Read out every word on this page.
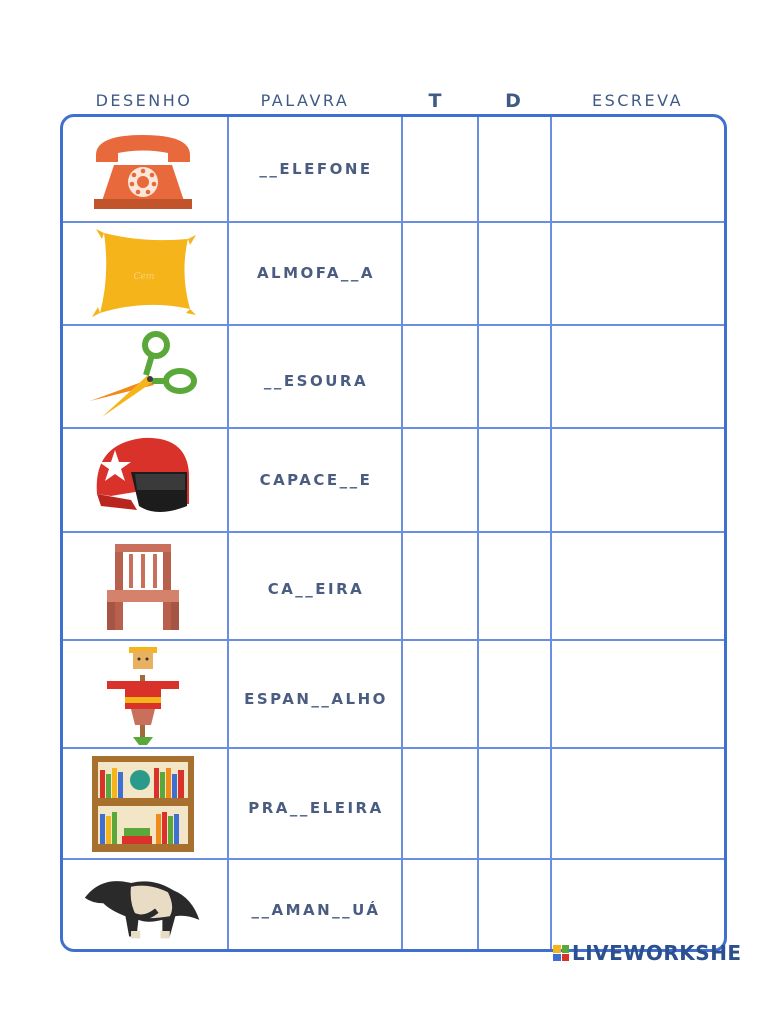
DESENHO	PALAVRA	T	D	ESCREVA
__ELEFONE
Cem	ALMOFA__A
__ESOURA
CAPACE__E
CA__EIRA
ESPAN__ALHO
PRA__ELEIRA
__AMAN__UÁ
LIVEWORKSHE
